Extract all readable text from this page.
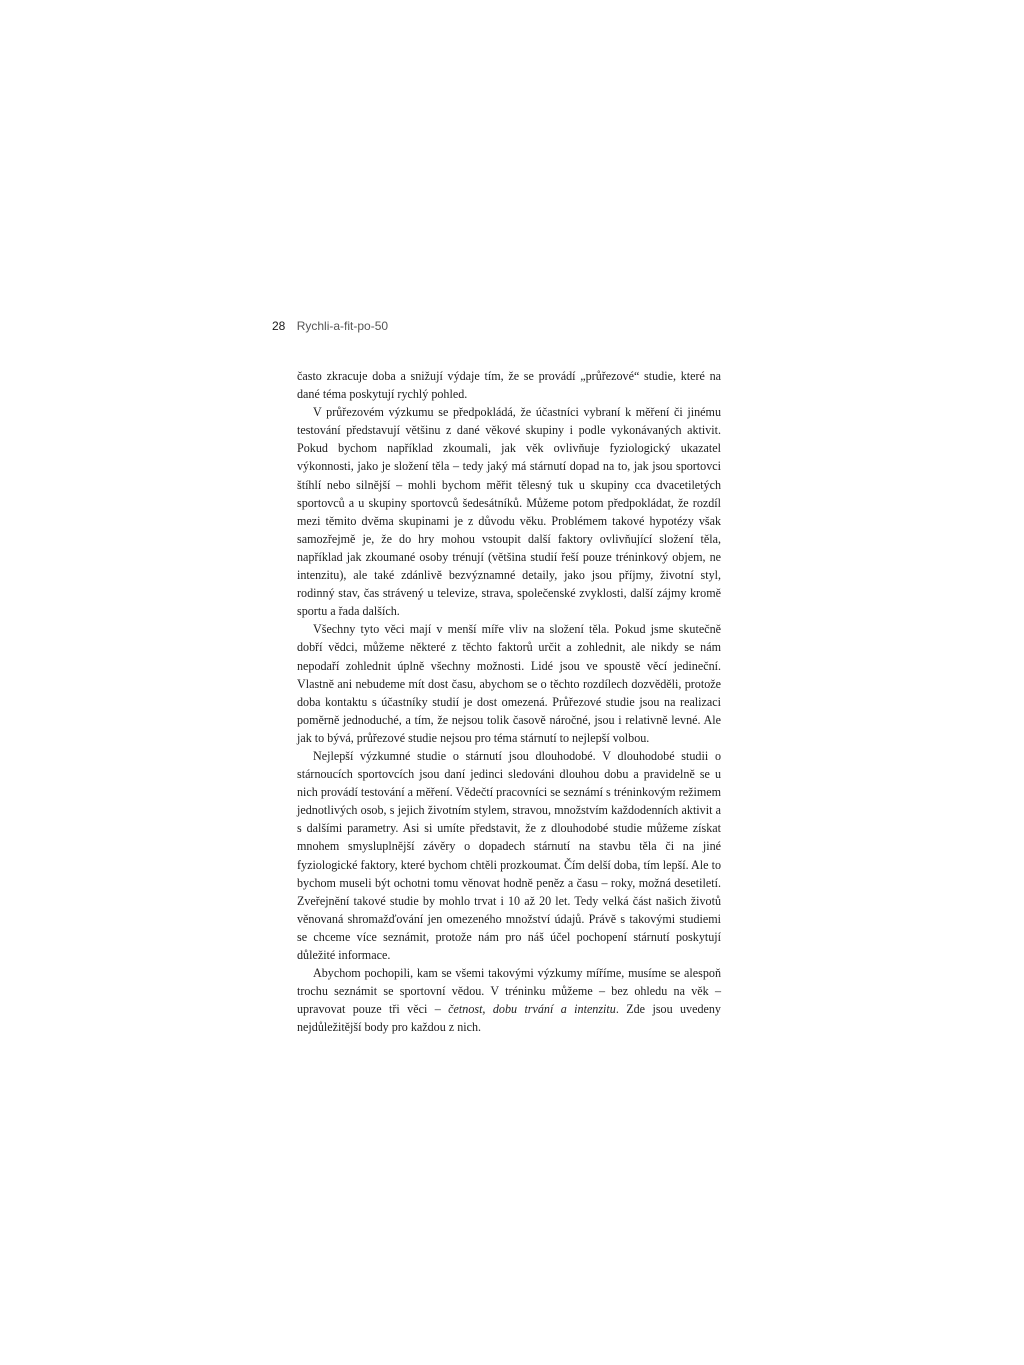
28 Rychli-a-fit-po-50

často zkracuje doba a snižují výdaje tím, že se provádí „průřezové“ studie, které na dané téma poskytují rychlý pohled.

V průřezovém výzkumu se předpokládá, že účastníci vybraní k měření či jinému testování představují většinu z dané věkové skupiny i podle vykonávaných aktivit. Pokud bychom například zkoumali, jak věk ovlivňuje fyziologický ukazatel výkonnosti, jako je složení těla – tedy jaký má stárnutí dopad na to, jak jsou sportovci štíhlí nebo silnější – mohli bychom měřit tělesný tuk u skupiny cca dvacetiletých sportovců a u skupiny sportovců šedesátníků. Můžeme potom předpokládat, že rozdíl mezi těmito dvěma skupinami je z důvodu věku. Problémem takové hypotézy však samozřejmě je, že do hry mohou vstoupit další faktory ovlivňující složení těla, například jak zkoumané osoby trénují (většina studií řeší pouze tréninkový objem, ne intenzitu), ale také zdánlivě bezvýznamné detaily, jako jsou příjmy, životní styl, rodinný stav, čas strávený u televize, strava, společenské zvyklosti, další zájmy kromě sportu a řada dalších.

Všechny tyto věci mají v menší míře vliv na složení těla. Pokud jsme skutečně dobří vědci, můžeme některé z těchto faktorů určit a zohlednit, ale nikdy se nám nepodaří zohlednit úplně všechny možnosti. Lidé jsou ve spoustě věcí jedineční. Vlastně ani nebudeme mít dost času, abychom se o těchto rozdílech dozvěděli, protože doba kontaktu s účastníky studií je dost omezená. Průřezové studie jsou na realizaci poměrně jednoduché, a tím, že nejsou tolik časově náročné, jsou i relativně levné. Ale jak to bývá, průřezové studie nejsou pro téma stárnutí to nejlepší volbou.

Nejlepší výzkumné studie o stárnutí jsou dlouhodobé. V dlouhodobé studii o stárnoucích sportovcích jsou daní jedinci sledováni dlouhou dobu a pravidelně se u nich provádí testování a měření. Vědečtí pracovníci se seznámí s tréninkovým režimem jednotlivých osob, s jejich životním stylem, stravou, množstvím každodenních aktivit a s dalšími parametry. Asi si umíte představit, že z dlouhodobé studie můžeme získat mnohem smysluplnější závěry o dopadech stárnutí na stavbu těla či na jiné fyziologické faktory, které bychom chtěli prozkoumat. Čím delší doba, tím lepší. Ale to bychom museli být ochotni tomu věnovat hodně peněz a času – roky, možná desetiletí. Zveřejnění takové studie by mohlo trvat i 10 až 20 let. Tedy velká část našich životů věnovaná shromažďování jen omezeného množství údajů. Právě s takovými studiemi se chceme více seznámit, protože nám pro náš účel pochopení stárnutí poskytují důležité informace.

Abychom pochopili, kam se všemi takovými výzkumy míříme, musíme se alespoň trochu seznámit se sportovní vědou. V tréninku můžeme – bez ohledu na věk – upravovat pouze tři věci – četnost, dobu trvání a intenzitu. Zde jsou uvedeny nejdůležitější body pro každou z nich.
